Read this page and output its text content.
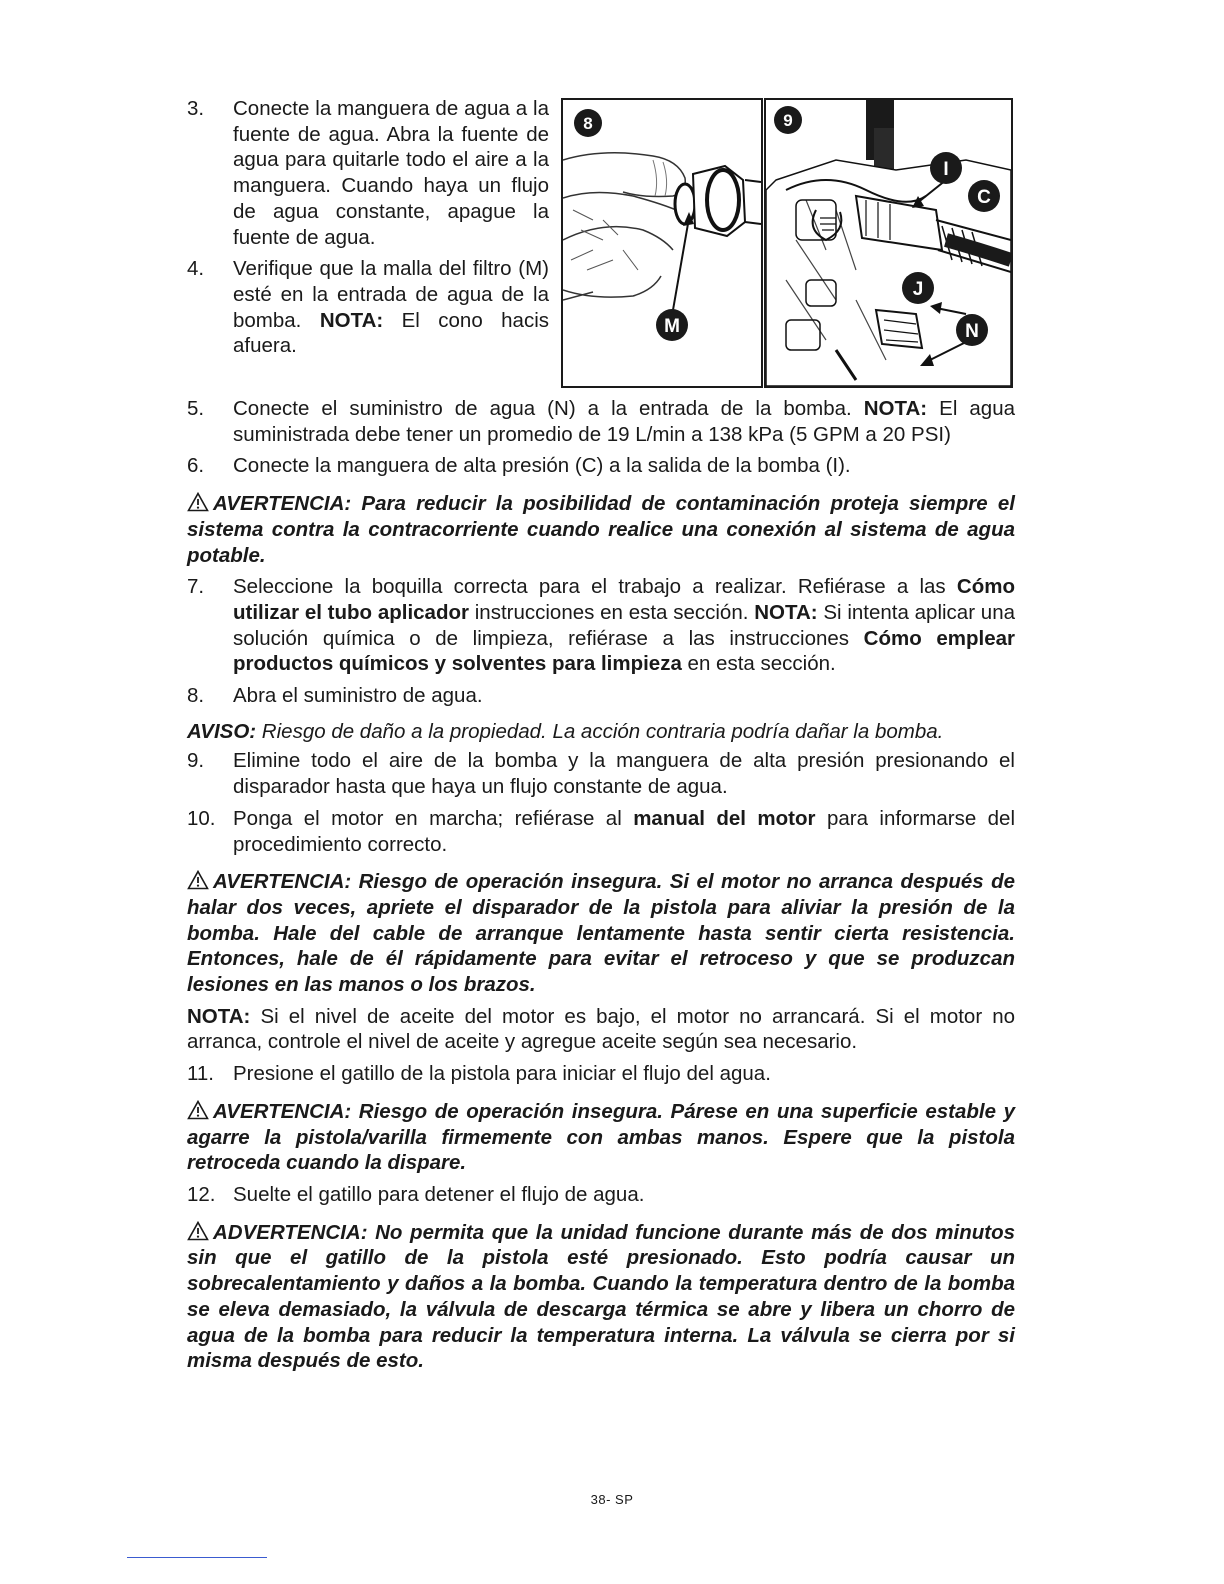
3.	Conecte la manguera de agua a la fuente de agua. Abra la fuente de agua para quitarle todo el aire a la manguera. Cuando haya un flujo de agua constante, apague la fuente de agua.
4.	Verifique que la malla del filtro (M) esté en la entrada de agua de la bomba. NOTA: El cono hacis afuera.
8
M
9
I
C
J
N
5.	Conecte el suministro de agua (N) a la entrada de la bomba. NOTA: El agua suministrada debe tener un promedio de 19 L/min a 138 kPa (5 GPM a 20 PSI)
6.	Conecte la manguera de alta presión (C) a la salida de la bomba (I).
AVERTENCIA: Para reducir la posibilidad de contaminación proteja siempre el sistema contra la contracorriente cuando realice una conexión al sistema de agua potable.
7.	Seleccione la boquilla correcta para el trabajo a realizar. Refiérase a las Cómo utilizar el tubo aplicador instrucciones en esta sección. NOTA: Si intenta aplicar una solución química o de limpieza, refiérase a las instrucciones Cómo emplear productos químicos y solventes para limpieza en esta sección.
8.	Abra el suministro de agua.
AVISO: Riesgo de daño a la propiedad. La acción contraria podría dañar la bomba.
9.	Elimine todo el aire de la bomba y la manguera de alta presión presionando el disparador hasta que haya un flujo constante de agua.
10. Ponga el motor en marcha; refiérase al manual del motor para informarse del procedimiento correcto.
AVERTENCIA: Riesgo de operación insegura. Si el motor no arranca después de halar dos veces, apriete el disparador de la pistola para aliviar la presión de la bomba. Hale del cable de arranque lentamente hasta sentir cierta resistencia. Entonces, hale de él rápidamente para evitar el retroceso y que se produzcan lesiones en las manos o los brazos.
NOTA: Si el nivel de aceite del motor es bajo, el motor no arrancará. Si el motor no arranca, controle el nivel de aceite y agregue aceite según sea necesario.
11. Presione el gatillo de la pistola para iniciar el flujo del agua.
AVERTENCIA: Riesgo de operación insegura. Párese en una superficie estable y agarre la pistola/varilla firmemente con ambas manos. Espere que la pistola retroceda cuando la dispare.
12. Suelte el gatillo para detener el flujo de agua.
ADVERTENCIA: No permita que la unidad funcione durante más de dos minutos sin que el gatillo de la pistola esté presionado. Esto podría causar un sobrecalentamiento y daños a la bomba. Cuando la temperatura dentro de la bomba se eleva demasiado, la válvula de descarga térmica se abre y libera un chorro de agua de la bomba para reducir la temperatura interna. La válvula se cierra por si misma después de esto.
38- SP
